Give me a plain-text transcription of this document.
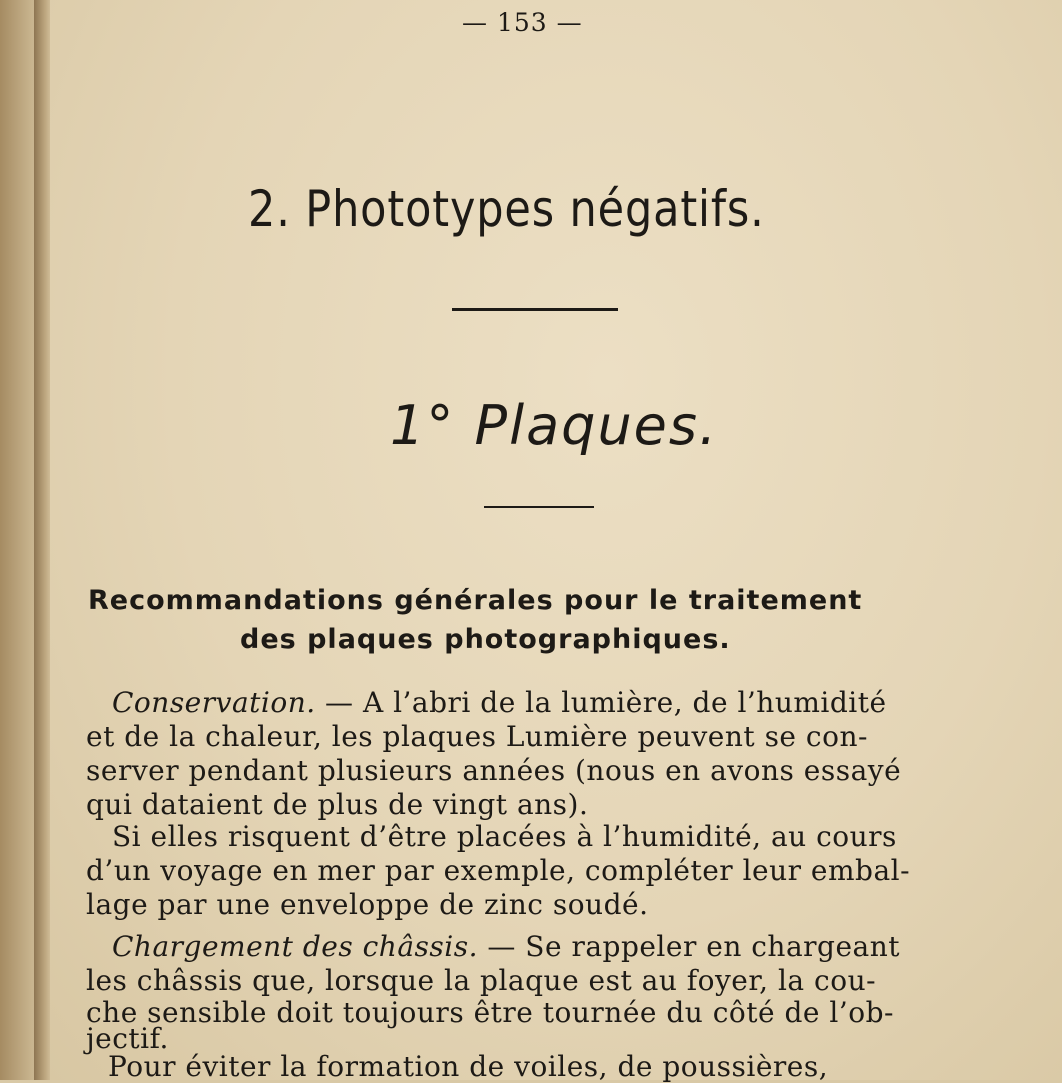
— 153 —
2. Phototypes négatifs.
1° Plaques.
Recommandations générales pour le traitement
des plaques photographiques.
Conservation. — A l’abri de la lumière, de l’humidité
et de la chaleur, les plaques Lumière peuvent se con-
server pendant plusieurs années (nous en avons essayé
qui dataient de plus de vingt ans).
Si elles risquent d’être placées à l’humidité, au cours
d’un voyage en mer par exemple, compléter leur embal-
lage par une enveloppe de zinc soudé.
Chargement des châssis. — Se rappeler en chargeant
les châssis que, lorsque la plaque est au foyer, la cou-
che sensible doit toujours être tournée du côté de l’ob-
jectif.
Pour éviter la formation de voiles, de poussières,
